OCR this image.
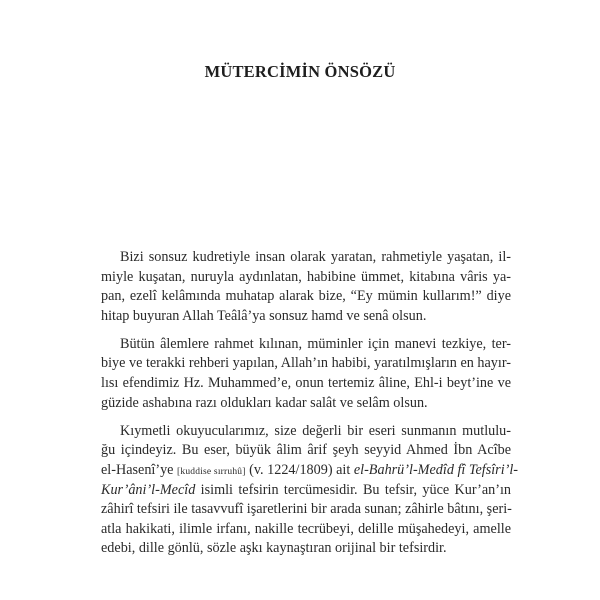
MÜTERCİMİN ÖNSÖZÜ
Bizi sonsuz kudretiyle insan olarak yaratan, rahmetiyle yaşatan, il-
miyle kuşatan, nuruyla aydınlatan, habibine ümmet, kitabına vâris ya-
pan, ezelî kelâmında muhatap alarak bize, “Ey mümin kullarım!” diye
hitap buyuran Allah Teâlâ’ya sonsuz hamd ve senâ olsun.
Bütün âlemlere rahmet kılınan, müminler için manevi tezkiye, ter-
biye ve terakki rehberi yapılan, Allah’ın habibi, yaratılmışların en hayır-
lısı efendimiz Hz. Muhammed’e, onun tertemiz âline, Ehl-i beyt’ine ve
güzide ashabına razı oldukları kadar salât ve selâm olsun.
Kıymetli okuyucularımız, size değerli bir eseri sunmanın mutlulu-
ğu içindeyiz. Bu eser, büyük âlim ârif şeyh seyyid Ahmed İbn Acîbe
el-Hasenî’ye [kuddise sırruhû] (v. 1224/1809) ait el-Bahrü’l-Medîd fî Tefsîri’l-
Kur’âni’l-Mecîd isimli tefsirin tercümesidir. Bu tefsir, yüce Kur’an’ın
zâhirî tefsiri ile tasavvufî işaretlerini bir arada sunan; zâhirle bâtını, şeri-
atla hakikati, ilimle irfanı, nakille tecrübeyi, delille müşahedeyi, amelle
edebi, dille gönlü, sözle aşkı kaynaştıran orijinal bir tefsirdir.
